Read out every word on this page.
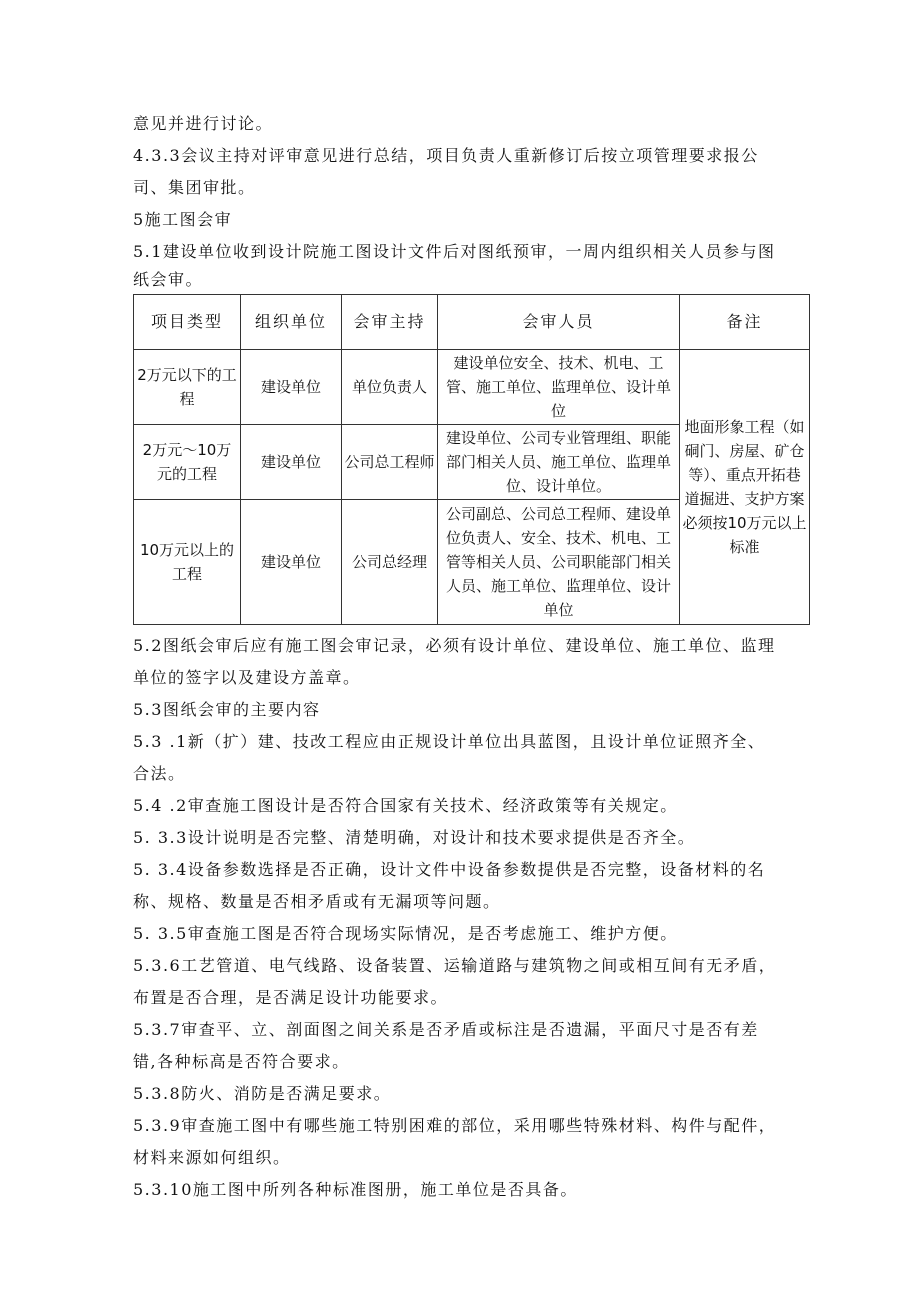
意见并进行讨论。
4.3.3会议主持对评审意见进行总结，项目负责人重新修订后按立项管理要求报公
司、集团审批。
5施工图会审
5.1建设单位收到设计院施工图设计文件后对图纸预审，一周内组织相关人员参与图
纸会审。
项目类型	组织单位	会审主持	会审人员	备注
2万元以下的工程	建设单位	单位负责人	建设单位安全、技术、机电、工管、施工单位、监理单位、设计单位	地面形象工程（如硐门、房屋、矿仓等）、重点开拓巷道掘进、支护方案必须按10万元以上标准
2万元〜10万元的工程	建设单位	公司总工程师	建设单位、公司专业管理组、职能部门相关人员、施工单位、监理单位、设计单位。	
10万元以上的工程	建设单位	公司总经理	公司副总、公司总工程师、建设单位负责人、安全、技术、机电、工管等相关人员、公司职能部门相关人员、施工单位、监理单位、设计单位	
5.2图纸会审后应有施工图会审记录，必须有设计单位、建设单位、施工单位、监理
单位的签字以及建设方盖章。
5.3图纸会审的主要内容
5.3 .1新（扩）建、技改工程应由正规设计单位出具蓝图，且设计单位证照齐全、
合法。
5.4 .2审查施工图设计是否符合国家有关技术、经济政策等有关规定。
5. 3.3设计说明是否完整、清楚明确，对设计和技术要求提供是否齐全。
5. 3.4设备参数选择是否正确，设计文件中设备参数提供是否完整，设备材料的名
称、规格、数量是否相矛盾或有无漏项等问题。
5. 3.5审查施工图是否符合现场实际情况，是否考虑施工、维护方便。
5.3.6工艺管道、电气线路、设备装置、运输道路与建筑物之间或相互间有无矛盾，
布置是否合理，是否满足设计功能要求。
5.3.7审查平、立、剖面图之间关系是否矛盾或标注是否遗漏，平面尺寸是否有差
错,各种标高是否符合要求。
5.3.8防火、消防是否满足要求。
5.3.9审查施工图中有哪些施工特别困难的部位，采用哪些特殊材料、构件与配件，
材料来源如何组织。
5.3.10施工图中所列各种标准图册，施工单位是否具备。
